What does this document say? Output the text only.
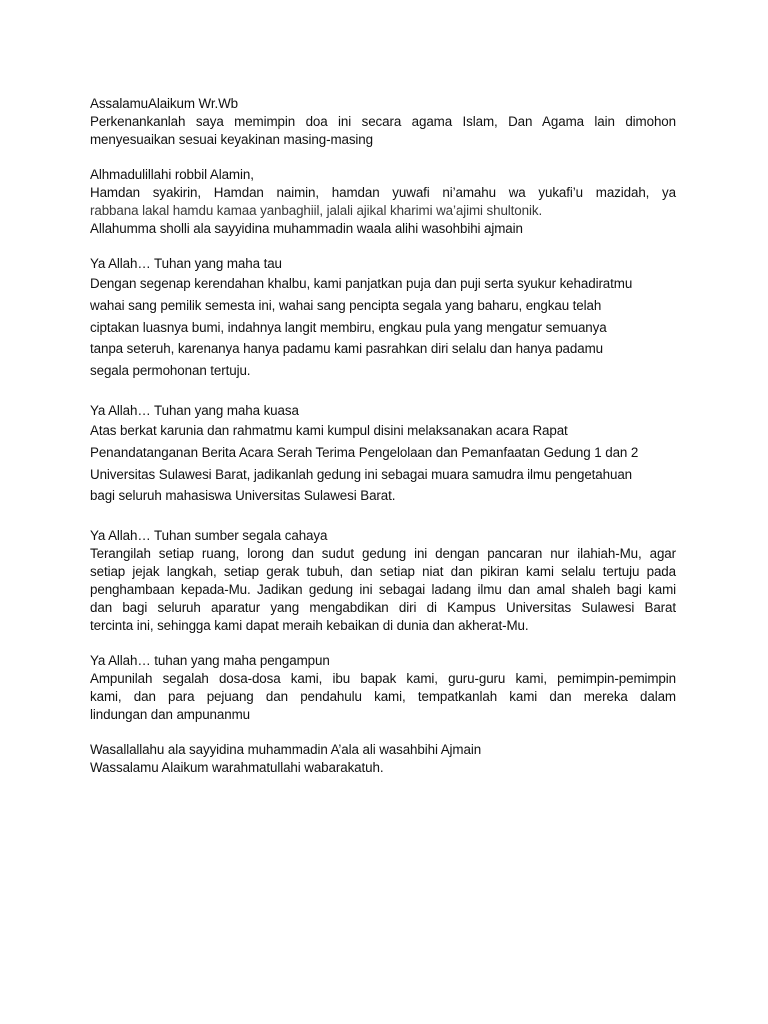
AssalamuAlaikum Wr.Wb
Perkenankanlah saya memimpin doa ini secara agama Islam, Dan Agama lain dimohon
menyesuaikan sesuai keyakinan masing-masing
Alhmadulillahi robbil Alamin,
Hamdan syakirin, Hamdan naimin, hamdan yuwafi ni’amahu wa yukafi’u mazidah, ya
rabbana lakal hamdu kamaa yanbaghiil, jalali ajikal kharimi wa’ajimi shultonik.
Allahumma sholli ala sayyidina muhammadin waala alihi wasohbihi ajmain
Ya Allah… Tuhan yang maha tau
Dengan segenap kerendahan khalbu, kami panjatkan puja dan puji serta syukur kehadiratmu
wahai sang pemilik semesta ini, wahai sang pencipta segala yang baharu, engkau telah
ciptakan luasnya bumi, indahnya langit membiru, engkau pula yang mengatur semuanya
tanpa seteruh, karenanya hanya padamu kami pasrahkan diri selalu dan hanya padamu
segala permohonan tertuju.
Ya Allah… Tuhan yang maha kuasa
Atas berkat karunia dan rahmatmu kami kumpul disini melaksanakan acara Rapat
Penandatanganan Berita Acara Serah Terima Pengelolaan dan Pemanfaatan Gedung 1 dan 2
Universitas Sulawesi Barat, jadikanlah gedung ini sebagai muara samudra ilmu pengetahuan
bagi seluruh mahasiswa Universitas Sulawesi Barat.
Ya Allah… Tuhan sumber segala cahaya
Terangilah setiap ruang, lorong dan sudut gedung ini dengan pancaran nur ilahiah-Mu, agar
setiap jejak langkah, setiap gerak tubuh, dan setiap niat dan pikiran kami selalu tertuju pada
penghambaan kepada-Mu. Jadikan gedung ini sebagai ladang ilmu dan amal shaleh bagi kami
dan bagi seluruh aparatur yang mengabdikan diri di Kampus Universitas Sulawesi Barat
tercinta ini, sehingga kami dapat meraih kebaikan di dunia dan akherat-Mu.
Ya Allah… tuhan yang maha pengampun
Ampunilah segalah dosa-dosa kami, ibu bapak kami, guru-guru kami, pemimpin-pemimpin
kami, dan para pejuang dan pendahulu kami, tempatkanlah kami dan mereka dalam
lindungan dan ampunanmu
Wasallallahu ala sayyidina muhammadin A’ala ali wasahbihi Ajmain
Wassalamu Alaikum warahmatullahi wabarakatuh.
